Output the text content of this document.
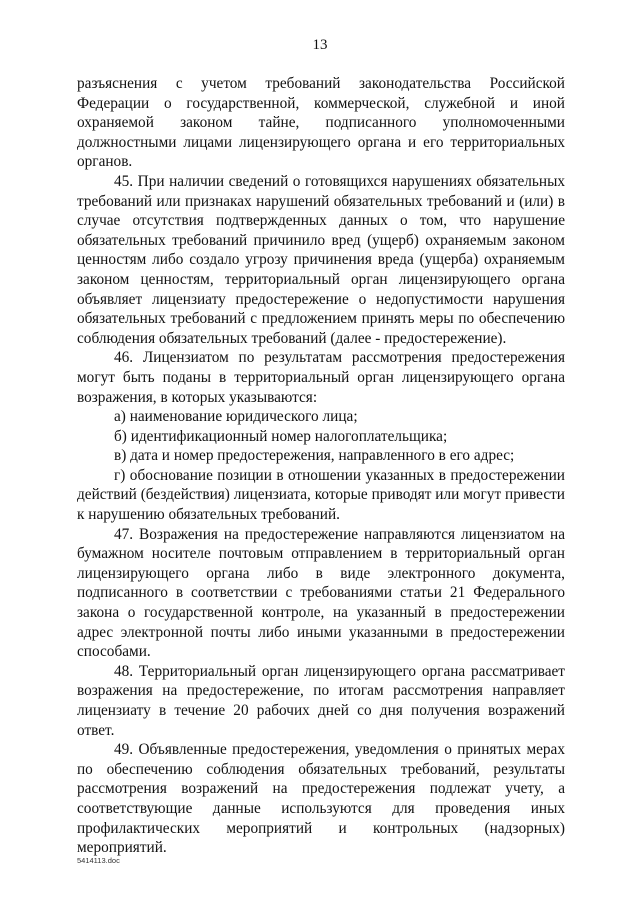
13

разъяснения с учетом требований законодательства Российской Федерации о государственной, коммерческой, служебной и иной охраняемой законом тайне, подписанного уполномоченными должностными лицами лицензирующего органа и его территориальных органов.

45. При наличии сведений о готовящихся нарушениях обязательных требований или признаках нарушений обязательных требований и (или) в случае отсутствия подтвержденных данных о том, что нарушение обязательных требований причинило вред (ущерб) охраняемым законом ценностям либо создало угрозу причинения вреда (ущерба) охраняемым законом ценностям, территориальный орган лицензирующего органа объявляет лицензиату предостережение о недопустимости нарушения обязательных требований с предложением принять меры по обеспечению соблюдения обязательных требований (далее - предостережение).

46. Лицензиатом по результатам рассмотрения предостережения могут быть поданы в территориальный орган лицензирующего органа возражения, в которых указываются:

а) наименование юридического лица;

б) идентификационный номер налогоплательщика;

в) дата и номер предостережения, направленного в его адрес;

г) обоснование позиции в отношении указанных в предостережении действий (бездействия) лицензиата, которые приводят или могут привести к нарушению обязательных требований.

47. Возражения на предостережение направляются лицензиатом на бумажном носителе почтовым отправлением в территориальный орган лицензирующего органа либо в виде электронного документа, подписанного в соответствии с требованиями статьи 21 Федерального закона о государственной контроле, на указанный в предостережении адрес электронной почты либо иными указанными в предостережении способами.

48. Территориальный орган лицензирующего органа рассматривает возражения на предостережение, по итогам рассмотрения направляет лицензиату в течение 20 рабочих дней со дня получения возражений ответ.

49. Объявленные предостережения, уведомления о принятых мерах по обеспечению соблюдения обязательных требований, результаты рассмотрения возражений на предостережения подлежат учету, а соответствующие данные используются для проведения иных профилактических мероприятий и контрольных (надзорных) мероприятий.

5414113.doc
